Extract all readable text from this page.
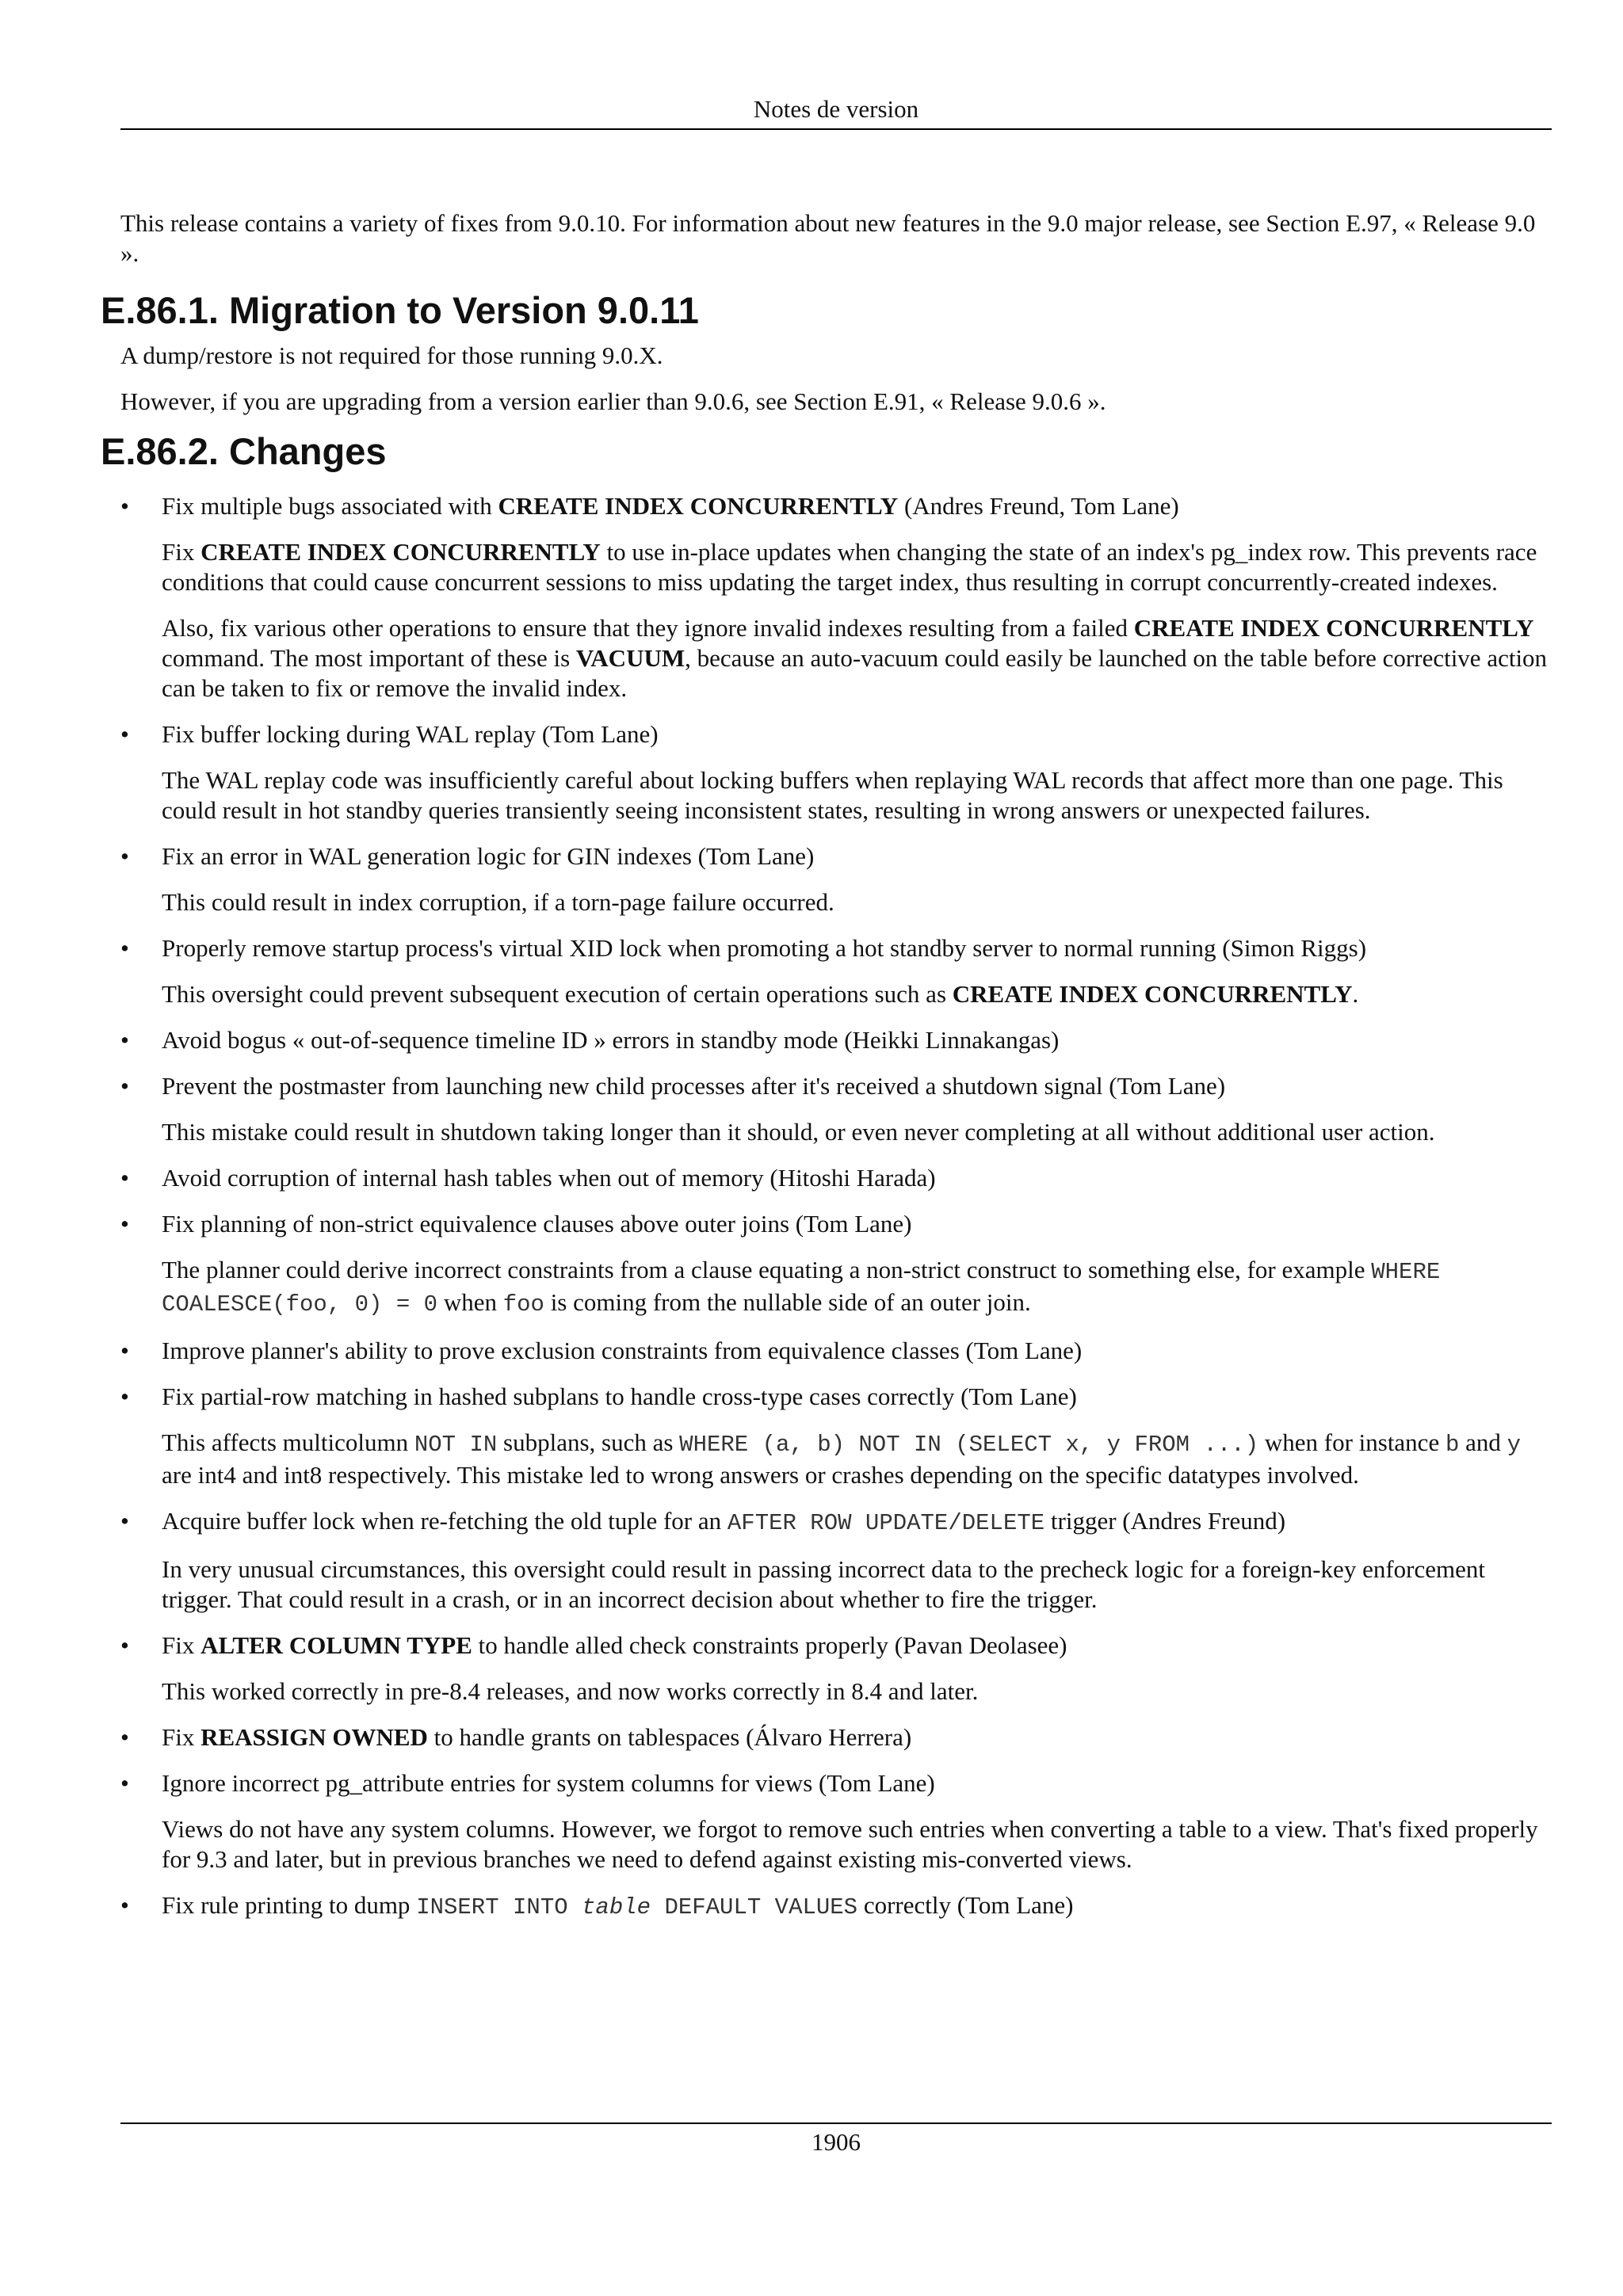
Notes de version

This release contains a variety of fixes from 9.0.10. For information about new features in the 9.0 major release, see Section E.97, « Release 9.0 ».

E.86.1. Migration to Version 9.0.11

A dump/restore is not required for those running 9.0.X.

However, if you are upgrading from a version earlier than 9.0.6, see Section E.91, « Release 9.0.6 ».

E.86.2. Changes
• Fix multiple bugs associated with CREATE INDEX CONCURRENTLY (Andres Freund, Tom Lane)

Fix CREATE INDEX CONCURRENTLY to use in-place updates when changing the state of an index's pg_index row. This prevents race conditions that could cause concurrent sessions to miss updating the target index, thus resulting in corrupt concurrently-created indexes.

Also, fix various other operations to ensure that they ignore invalid indexes resulting from a failed CREATE INDEX CONCURRENTLY command. The most important of these is VACUUM, because an auto-vacuum could easily be launched on the table before corrective action can be taken to fix or remove the invalid index.

• Fix buffer locking during WAL replay (Tom Lane)

The WAL replay code was insufficiently careful about locking buffers when replaying WAL records that affect more than one page. This could result in hot standby queries transiently seeing inconsistent states, resulting in wrong answers or unexpected failures.

• Fix an error in WAL generation logic for GIN indexes (Tom Lane)

This could result in index corruption, if a torn-page failure occurred.

• Properly remove startup process's virtual XID lock when promoting a hot standby server to normal running (Simon Riggs)

This oversight could prevent subsequent execution of certain operations such as CREATE INDEX CONCURRENTLY.

• Avoid bogus « out-of-sequence timeline ID » errors in standby mode (Heikki Linnakangas)

• Prevent the postmaster from launching new child processes after it's received a shutdown signal (Tom Lane)

This mistake could result in shutdown taking longer than it should, or even never completing at all without additional user action.

• Avoid corruption of internal hash tables when out of memory (Hitoshi Harada)

• Fix planning of non-strict equivalence clauses above outer joins (Tom Lane)

The planner could derive incorrect constraints from a clause equating a non-strict construct to something else, for example WHERE COALESCE(foo, 0) = 0 when foo is coming from the nullable side of an outer join.

• Improve planner's ability to prove exclusion constraints from equivalence classes (Tom Lane)

• Fix partial-row matching in hashed subplans to handle cross-type cases correctly (Tom Lane)

This affects multicolumn NOT IN subplans, such as WHERE (a, b) NOT IN (SELECT x, y FROM ...) when for instance b and y are int4 and int8 respectively. This mistake led to wrong answers or crashes depending on the specific datatypes involved.

• Acquire buffer lock when re-fetching the old tuple for an AFTER ROW UPDATE/DELETE trigger (Andres Freund)

In very unusual circumstances, this oversight could result in passing incorrect data to the precheck logic for a foreign-key enforcement trigger. That could result in a crash, or in an incorrect decision about whether to fire the trigger.

• Fix ALTER COLUMN TYPE to handle alled check constraints properly (Pavan Deolasee)

This worked correctly in pre-8.4 releases, and now works correctly in 8.4 and later.

• Fix REASSIGN OWNED to handle grants on tablespaces (Álvaro Herrera)

• Ignore incorrect pg_attribute entries for system columns for views (Tom Lane)

Views do not have any system columns. However, we forgot to remove such entries when converting a table to a view. That's fixed properly for 9.3 and later, but in previous branches we need to defend against existing mis-converted views.

• Fix rule printing to dump INSERT INTO table DEFAULT VALUES correctly (Tom Lane)

1906
